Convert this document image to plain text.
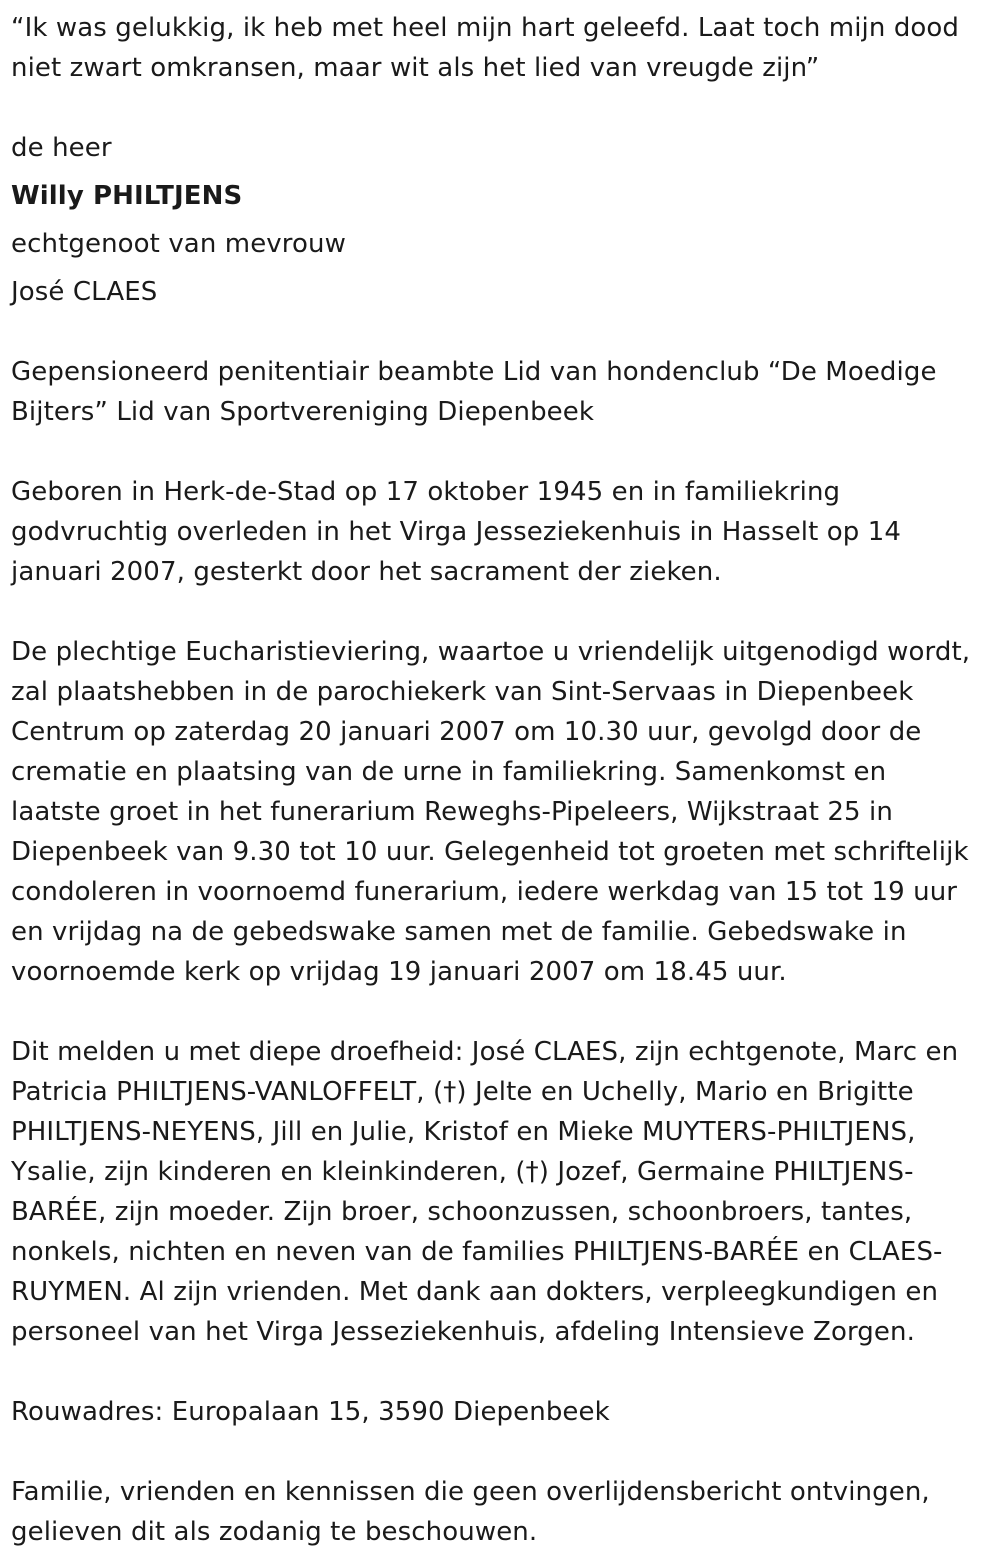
“Ik was gelukkig, ik heb met heel mijn hart geleefd. Laat toch mijn dood

niet zwart omkransen, maar wit als het lied van vreugde zijn”

de heer

Willy PHILTJENS

echtgenoot van mevrouw

José CLAES

Gepensioneerd penitentiair beambte Lid van hondenclub “De Moedige

Bijters” Lid van Sportvereniging Diepenbeek

Geboren in Herk-de-Stad op 17 oktober 1945 en in familiekring

godvruchtig overleden in het Virga Jesseziekenhuis in Hasselt op 14

januari 2007, gesterkt door het sacrament der zieken.

De plechtige Eucharistieviering, waartoe u vriendelijk uitgenodigd wordt,

zal plaatshebben in de parochiekerk van Sint-Servaas in Diepenbeek

Centrum op zaterdag 20 januari 2007 om 10.30 uur, gevolgd door de

crematie en plaatsing van de urne in familiekring. Samenkomst en

laatste groet in het funerarium Reweghs-Pipeleers, Wijkstraat 25 in

Diepenbeek van 9.30 tot 10 uur. Gelegenheid tot groeten met schriftelijk

condoleren in voornoemd funerarium, iedere werkdag van 15 tot 19 uur

en vrijdag na de gebedswake samen met de familie. Gebedswake in

voornoemde kerk op vrijdag 19 januari 2007 om 18.45 uur.

Dit melden u met diepe droefheid: José CLAES, zijn echtgenote, Marc en

Patricia PHILTJENS-VANLOFFELT, (†) Jelte en Uchelly, Mario en Brigitte

PHILTJENS-NEYENS, Jill en Julie, Kristof en Mieke MUYTERS-PHILTJENS,

Ysalie, zijn kinderen en kleinkinderen, (†) Jozef, Germaine PHILTJENS-

BARÉE, zijn moeder. Zijn broer, schoonzussen, schoonbroers, tantes,

nonkels, nichten en neven van de families PHILTJENS-BARÉE en CLAES-

RUYMEN. Al zijn vrienden. Met dank aan dokters, verpleegkundigen en

personeel van het Virga Jesseziekenhuis, afdeling Intensieve Zorgen.

Rouwadres: Europalaan 15, 3590 Diepenbeek

Familie, vrienden en kennissen die geen overlijdensbericht ontvingen,

gelieven dit als zodanig te beschouwen.
